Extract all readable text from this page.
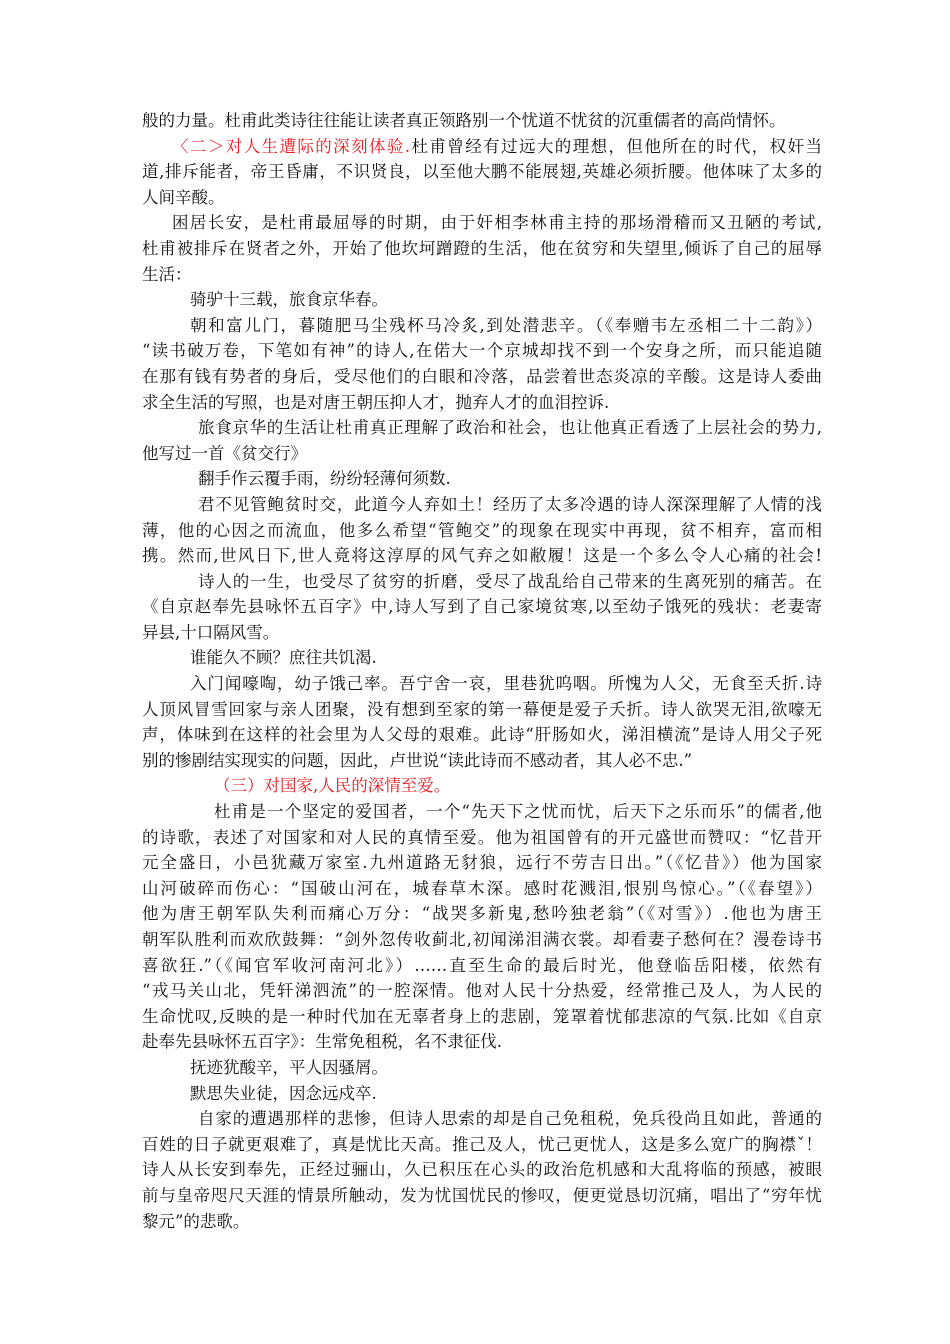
般的力量。杜甫此类诗往往能让读者真正领路别一个忧道不忧贫的沉重儒者的高尚情怀。
〈二＞对人生遭际的深刻体验.杜甫曾经有过远大的理想，但他所在的时代，权奸当
道,排斥能者，帝王昏庸，不识贤良，以至他大鹏不能展翅,英雄必须折腰。他体味了太多的
人间辛酸。
困居长安，是杜甫最屈辱的时期，由于奸相李林甫主持的那场滑稽而又丑陋的考试,
杜甫被排斥在贤者之外，开始了他坎坷蹭蹬的生活，他在贫穷和失望里,倾诉了自己的屈辱
生活：
骑驴十三载，旅食京华春。
朝和富儿门，暮随肥马尘残杯马冷炙,到处潜悲辛。（《奉赠韦左丞相二十二韵》）
“读书破万卷，下笔如有神”的诗人,在偌大一个京城却找不到一个安身之所，而只能追随
在那有钱有势者的身后，受尽他们的白眼和冷落，品尝着世态炎凉的辛酸。这是诗人委曲
求全生活的写照，也是对唐王朝压抑人才，抛弃人才的血泪控诉.
旅食京华的生活让杜甫真正理解了政治和社会，也让他真正看透了上层社会的势力,
他写过一首《贫交行》
翻手作云覆手雨，纷纷轻薄何须数.
君不见管鲍贫时交，此道今人弃如土！经历了太多冷遇的诗人深深理解了人情的浅
薄，他的心因之而流血，他多么希望“管鲍交”的现象在现实中再现，贫不相弃，富而相
携。然而,世风日下,世人竟将这淳厚的风气弃之如敝履！这是一个多么令人心痛的社会!
诗人的一生，也受尽了贫穷的折磨，受尽了战乱给自己带来的生离死别的痛苦。在
《自京赵奉先县咏怀五百字》中,诗人写到了自己家境贫寒,以至幼子饿死的残状：老妻寄
异县,十口隔风雪。
谁能久不顾？庶往共饥渴.
入门闻嚎啕，幼子饿己率。吾宁舍一哀，里巷犹呜咽。所愧为人父，无食至夭折.诗
人顶风冒雪回家与亲人团聚，没有想到至家的第一幕便是爱子夭折。诗人欲哭无泪,欲嚎无
声，体味到在这样的社会里为人父母的艰难。此诗“肝肠如火，涕泪横流”是诗人用父子死
别的惨剧结实现实的问题，因此，卢世说“读此诗而不感动者，其人必不忠.”
（三）对国家,人民的深情至爱。
杜甫是一个坚定的爱国者，一个“先天下之忧而忧，后天下之乐而乐”的儒者,他
的诗歌，表述了对国家和对人民的真情至爱。他为祖国曾有的开元盛世而赞叹：“忆昔开
元全盛日，小邑犹藏万家室.九州道路无豺狼，远行不劳吉日出。”（《忆昔》）他为国家
山河破碎而伤心：“国破山河在，城春草木深。感时花溅泪,恨别鸟惊心。”（《春望》）
他为唐王朝军队失利而痛心万分：“战哭多新鬼,愁吟独老翁”（《对雪》）.他也为唐王
朝军队胜利而欢欣鼓舞：“剑外忽传收蓟北,初闻涕泪满衣裳。却看妻子愁何在？漫卷诗书
喜欲狂.”（《闻官军收河南河北》）……直至生命的最后时光，他登临岳阳楼，依然有
“戎马关山北，凭轩涕泗流”的一腔深情。他对人民十分热爱，经常推己及人，为人民的
生命忧叹,反映的是一种时代加在无辜者身上的悲剧，笼罩着忧郁悲凉的气氛.比如《自京
赴奉先县咏怀五百字》：生常免租税，名不隶征伐.
抚迹犹酸辛，平人因骚屑。
默思失业徒，因念远戍卒.
自家的遭遇那样的悲惨，但诗人思索的却是自己免租税，免兵役尚且如此，普通的
百姓的日子就更艰难了，真是忧比天高。推己及人，忧己更忧人，这是多么宽广的胸襟ˇ！
诗人从长安到奉先，正经过骊山，久已积压在心头的政治危机感和大乱将临的预感，被眼
前与皇帝咫尺天涯的情景所触动，发为忧国忧民的惨叹，便更觉恳切沉痛，唱出了“穷年忧
黎元”的悲歌。
